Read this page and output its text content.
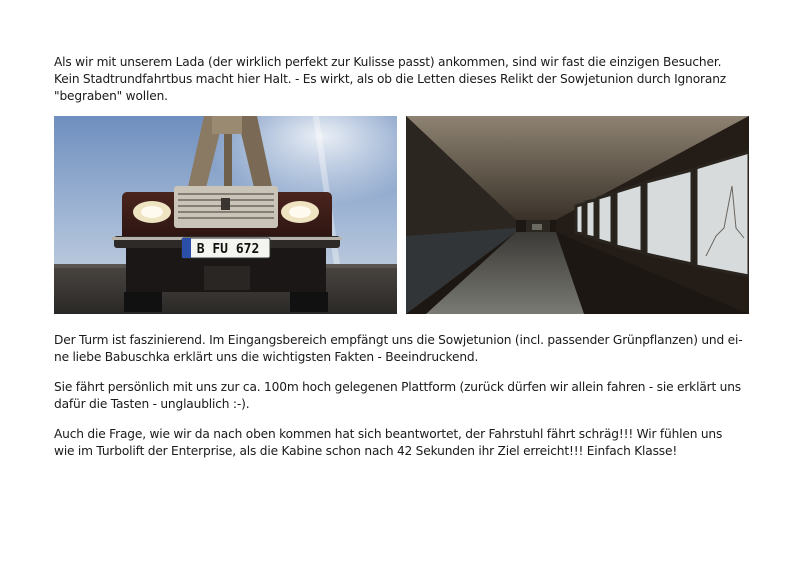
Als wir mit unserem Lada (der wirklich perfekt zur Kulisse passt) ankommen, sind wir fast die einzigen Besucher.
Kein Stadtrundfahrtbus macht hier Halt. - Es wirkt, als ob die Letten dieses Relikt der Sowjetunion durch Ignoranz
"begraben" wollen.

B FU 672

Der Turm ist faszinierend. Im Eingangsbereich empfängt uns die Sowjetunion (incl. passender Grünpflanzen) und ei-
ne liebe Babuschka erklärt uns die wichtigsten Fakten - Beeindruckend.

Sie fährt persönlich mit uns zur ca. 100m hoch gelegenen Plattform (zurück dürfen wir allein fahren - sie erklärt uns
dafür die Tasten - unglaublich :-).

Auch die Frage, wie wir da nach oben kommen hat sich beantwortet, der Fahrstuhl fährt schräg!!! Wir fühlen uns
wie im Turbolift der Enterprise, als die Kabine schon nach 42 Sekunden ihr Ziel erreicht!!! Einfach Klasse!
